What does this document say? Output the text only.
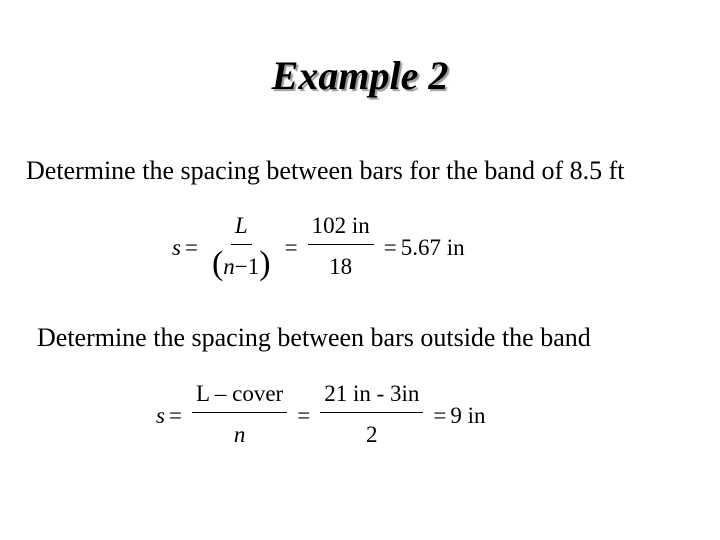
Example 2
Determine the spacing between bars for the band of 8.5 ft
$s = \frac{L}{(n-1)} = \frac{102 in}{18} = 5.67$ in
Determine the spacing between bars outside the band
$s = \frac{\text{L – cover}}{n} = \frac{21 in - 3in}{2} = 9$ in
